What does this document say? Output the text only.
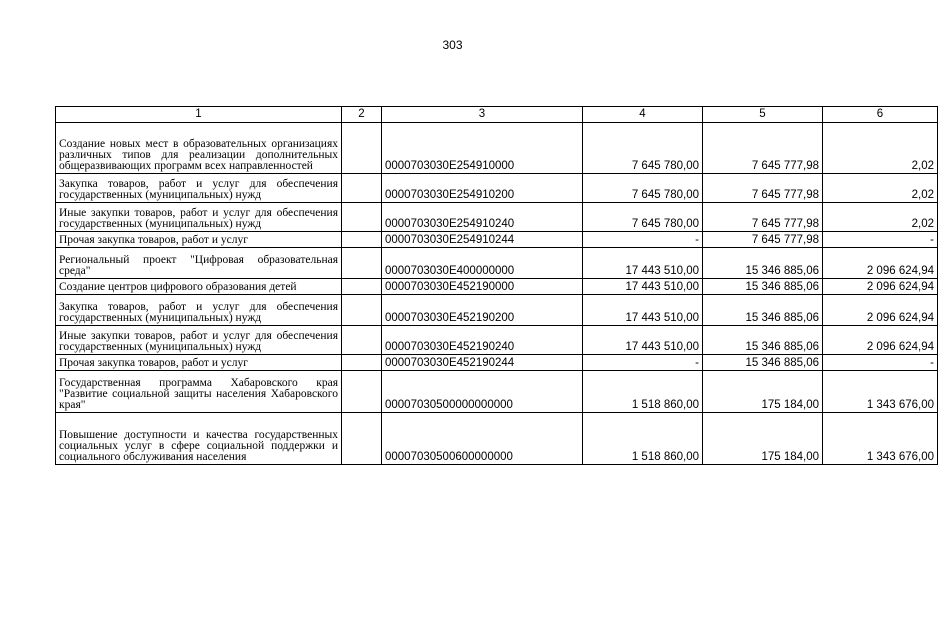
303
1	2	3	4	5	6
Создание новых мест в образовательных организациях различных типов для реализации дополнительных общеразвивающих программ всех направленностей		0000703030E254910000	7 645 780,00	7 645 777,98	2,02
Закупка товаров, работ и услуг для обеспечения государственных (муниципальных) нужд		0000703030E254910200	7 645 780,00	7 645 777,98	2,02
Иные закупки товаров, работ и услуг для обеспечения государственных (муниципальных) нужд		0000703030E254910240	7 645 780,00	7 645 777,98	2,02
Прочая закупка товаров, работ и услуг		0000703030E254910244	-	7 645 777,98	-
Региональный проект "Цифровая образовательная среда"		0000703030E400000000	17 443 510,00	15 346 885,06	2 096 624,94
Создание центров цифрового образования детей		0000703030E452190000	17 443 510,00	15 346 885,06	2 096 624,94
Закупка товаров, работ и услуг для обеспечения государственных (муниципальных) нужд		0000703030E452190200	17 443 510,00	15 346 885,06	2 096 624,94
Иные закупки товаров, работ и услуг для обеспечения государственных (муниципальных) нужд		0000703030E452190240	17 443 510,00	15 346 885,06	2 096 624,94
Прочая закупка товаров, работ и услуг		0000703030E452190244	-	15 346 885,06	-
Государственная программа Хабаровского края "Развитие социальной защиты населения Хабаровского края"		00007030500000000000	1 518 860,00	175 184,00	1 343 676,00
Повышение доступности и качества государственных социальных услуг в сфере социальной поддержки и социального обслуживания населения		00007030500600000000	1 518 860,00	175 184,00	1 343 676,00
